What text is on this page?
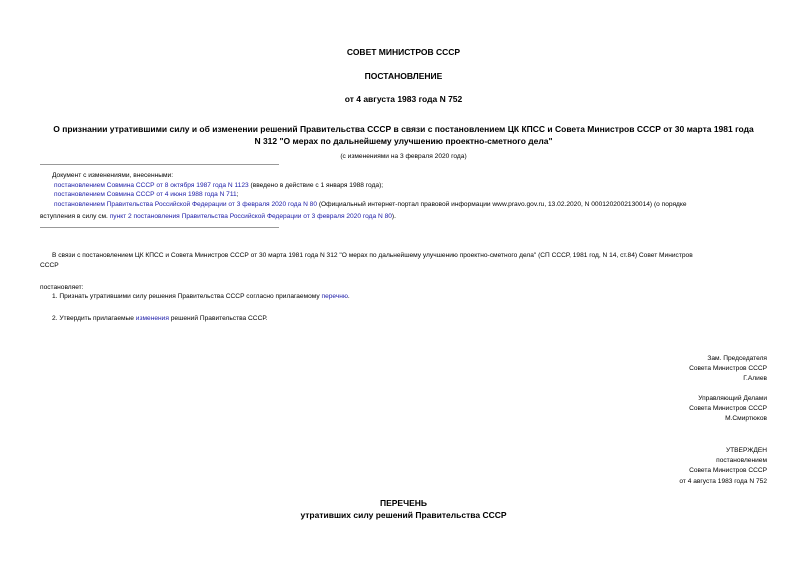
СОВЕТ МИНИСТРОВ СССР
ПОСТАНОВЛЕНИЕ
от 4 августа 1983 года N 752
О признании утратившими силу и об изменении решений Правительства СССР в связи с постановлением ЦК КПСС и Совета Министров СССР от 30 марта 1981 года
N 312 "О мерах по дальнейшему улучшению проектно-сметного дела"
(с изменениями на 3 февраля 2020 года)
Документ с изменениями, внесенными:
постановлением Совмина СССР от 8 октября 1987 года N 1123 (введено в действие с 1 января 1988 года);
постановлением Совмина СССР от 4 июня 1988 года N 711;
постановлением Правительства Российской Федерации от 3 февраля 2020 года N 80 (Официальный интернет-портал правовой информации www.pravo.gov.ru, 13.02.2020, N 0001202002130014) (о порядке
вступления в силу см. пункт 2 постановления Правительства Российской Федерации от 3 февраля 2020 года N 80).
В связи с постановлением ЦК КПСС и Совета Министров СССР от 30 марта 1981 года N 312 "О мерах по дальнейшему улучшению проектно-сметного дела" (СП СССР, 1981 год, N 14, ст.84) Совет Министров
СССР
постановляет:
1. Признать утратившими силу решения Правительства СССР согласно прилагаемому перечню.
2. Утвердить прилагаемые изменения решений Правительства СССР.
Зам. Председателя
Совета Министров СССР
Г.Алиев
Управляющий Делами
Совета Министров СССР
М.Смиртюков
УТВЕРЖДЕН
постановлением
Совета Министров СССР
от 4 августа 1983 года N 752
ПЕРЕЧЕНЬ
утративших силу решений Правительства СССР
